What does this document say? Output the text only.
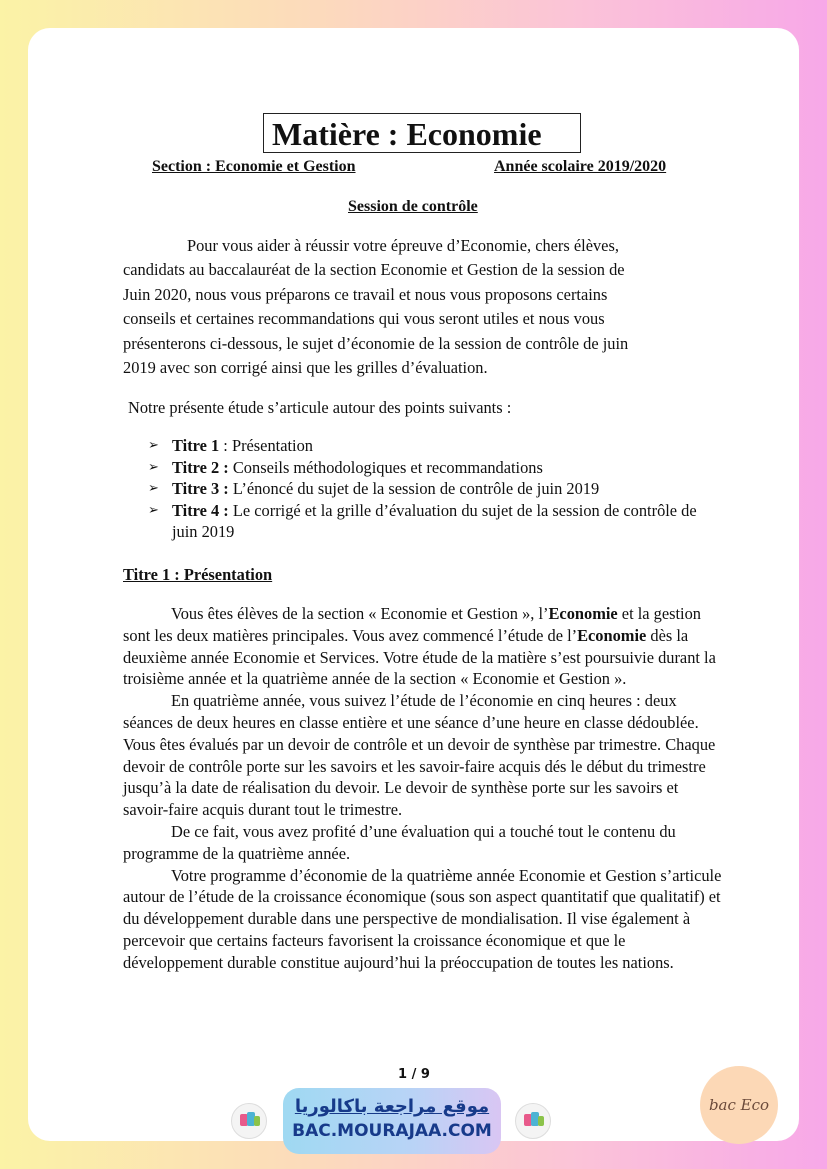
Matière : Economie
Section : Economie et Gestion	Année scolaire 2019/2020
Session de contrôle
Pour vous aider à réussir votre épreuve d’Economie, chers élèves,
candidats au baccalauréat de la section Economie et Gestion de la session de
Juin 2020, nous vous préparons ce travail et nous vous proposons certains
conseils et certaines recommandations qui vous seront utiles et nous vous
présenterons ci-dessous, le sujet d’économie de la session de contrôle de juin
2019 avec son corrigé ainsi que les grilles d’évaluation.
Notre présente étude s’articule autour des points suivants :
➢ Titre 1 : Présentation
➢ Titre 2 : Conseils méthodologiques et recommandations
➢ Titre 3 : L’énoncé du sujet de la session de contrôle de juin 2019
➢ Titre 4 : Le corrigé et la grille d’évaluation du sujet de la session de contrôle de juin 2019
Titre 1 : Présentation

Vous êtes élèves de la section « Economie et Gestion », l’Economie et la gestion sont les deux matières principales. Vous avez commencé l’étude de l’Economie dès la deuxième année Economie et Services. Votre étude de la matière s’est poursuivie durant la troisième année et la quatrième année de la section « Economie et Gestion ».

En quatrième année, vous suivez l’étude de l’économie en cinq heures : deux séances de deux heures en classe entière et une séance d’une heure en classe dédoublée. Vous êtes évalués par un devoir de contrôle et un devoir de synthèse par trimestre. Chaque devoir de contrôle porte sur les savoirs et les savoir-faire acquis dés le début du trimestre jusqu’à la date de réalisation du devoir. Le devoir de synthèse porte sur les savoirs et savoir-faire acquis durant tout le trimestre.

De ce fait, vous avez profité d’une évaluation qui a touché tout le contenu du programme de la quatrième année.

Votre programme d’économie de la quatrième année Economie et Gestion s’articule autour de l’étude de la croissance économique (sous son aspect quantitatif que qualitatif) et du développement durable dans une perspective de mondialisation. Il vise également à percevoir que certains facteurs favorisent la croissance économique et que le développement durable constitue aujourd’hui la préoccupation de toutes les nations.

1 / 9
موقع مراجعة باكالوريا
BAC.MOURAJAA.COM
bac Eco
